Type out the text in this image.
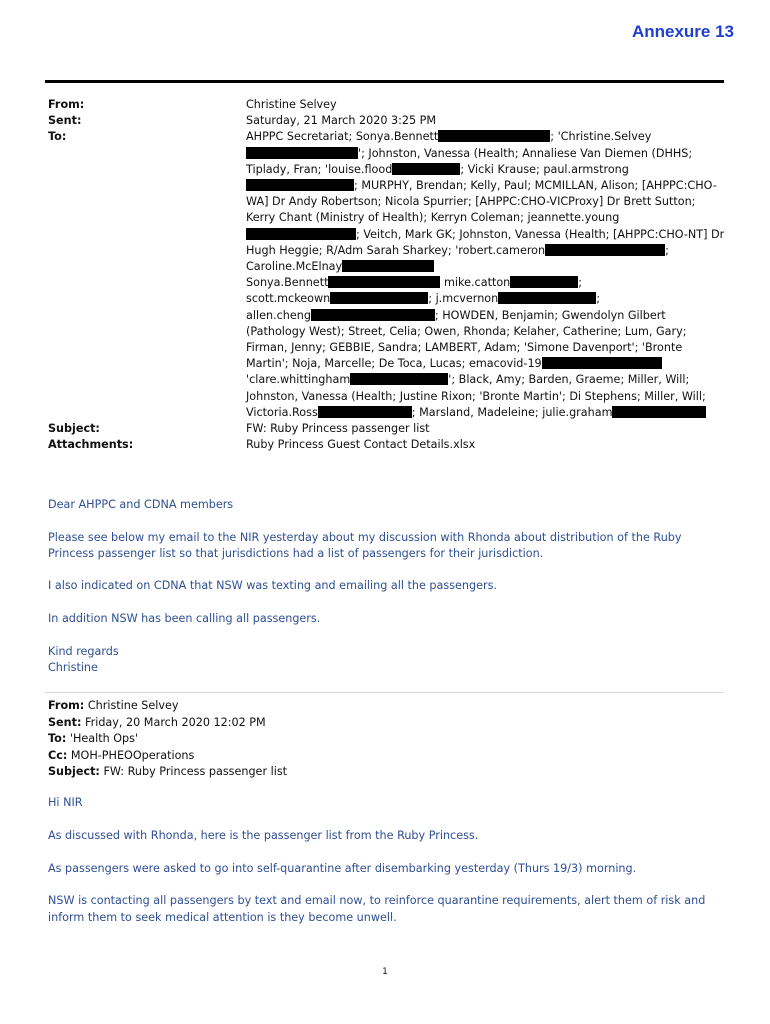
Annexure 13
From:	Christine Selvey
Sent:	Saturday, 21 March 2020 3:25 PM
To:	AHPPC Secretariat; Sonya.Bennett	; 'Christine.Selvey'; Johnston, Vanessa (Health; Annaliese Van Diemen (DHHS; Tiplady, Fran; 'louise.flood	; Vicki Krause; paul.armstrong; MURPHY, Brendan; Kelly, Paul; MCMILLAN, Alison; [AHPPC:CHO-WA] Dr Andy Robertson; Nicola Spurrier; [AHPPC:CHO-VICProxy] Dr Brett Sutton; Kerry Chant (Ministry of Health); Kerryn Coleman; jeannette.young; Veitch, Mark GK; Johnston, Vanessa (Health; [AHPPC:CHO-NT] Dr Hugh Heggie; R/Adm Sarah Sharkey; 'robert.cameron	; Caroline.McElnay
Sonya.Bennett	mike.catton	;
scott.mckeown	; j.mcvernon	;
allen.cheng	; HOWDEN, Benjamin; Gwendolyn Gilbert (Pathology West); Street, Celia; Owen, Rhonda; Kelaher, Catherine; Lum, Gary; Firman, Jenny; GEBBIE, Sandra; LAMBERT, Adam; 'Simone Davenport'; 'Bronte Martin'; Noja, Marcelle; De Toca, Lucas; emacovid-19
'clare.whittingham	'; Black, Amy; Barden, Graeme; Miller, Will; Johnston, Vanessa (Health; Justine Rixon; 'Bronte Martin'; Di Stephens; Miller, Will; Victoria.Ross	; Marsland, Madeleine; julie.graham
Subject:	FW: Ruby Princess passenger list
Attachments:	Ruby Princess Guest Contact Details.xlsx

Dear AHPPC and CDNA members

Please see below my email to the NIR yesterday about my discussion with Rhonda about distribution of the Ruby Princess passenger list so that jurisdictions had a list of passengers for their jurisdiction.

I also indicated on CDNA that NSW was texting and emailing all the passengers.

In addition NSW has been calling all passengers.

Kind regards
Christine
From: Christine Selvey
Sent: Friday, 20 March 2020 12:02 PM
To: 'Health Ops'
Cc: MOH-PHEOOperations
Subject: FW: Ruby Princess passenger list

Hi NIR

As discussed with Rhonda, here is the passenger list from the Ruby Princess.

As passengers were asked to go into self-quarantine after disembarking yesterday (Thurs 19/3) morning.

NSW is contacting all passengers by text and email now, to reinforce quarantine requirements, alert them of risk and inform them to seek medical attention is they become unwell.

1
